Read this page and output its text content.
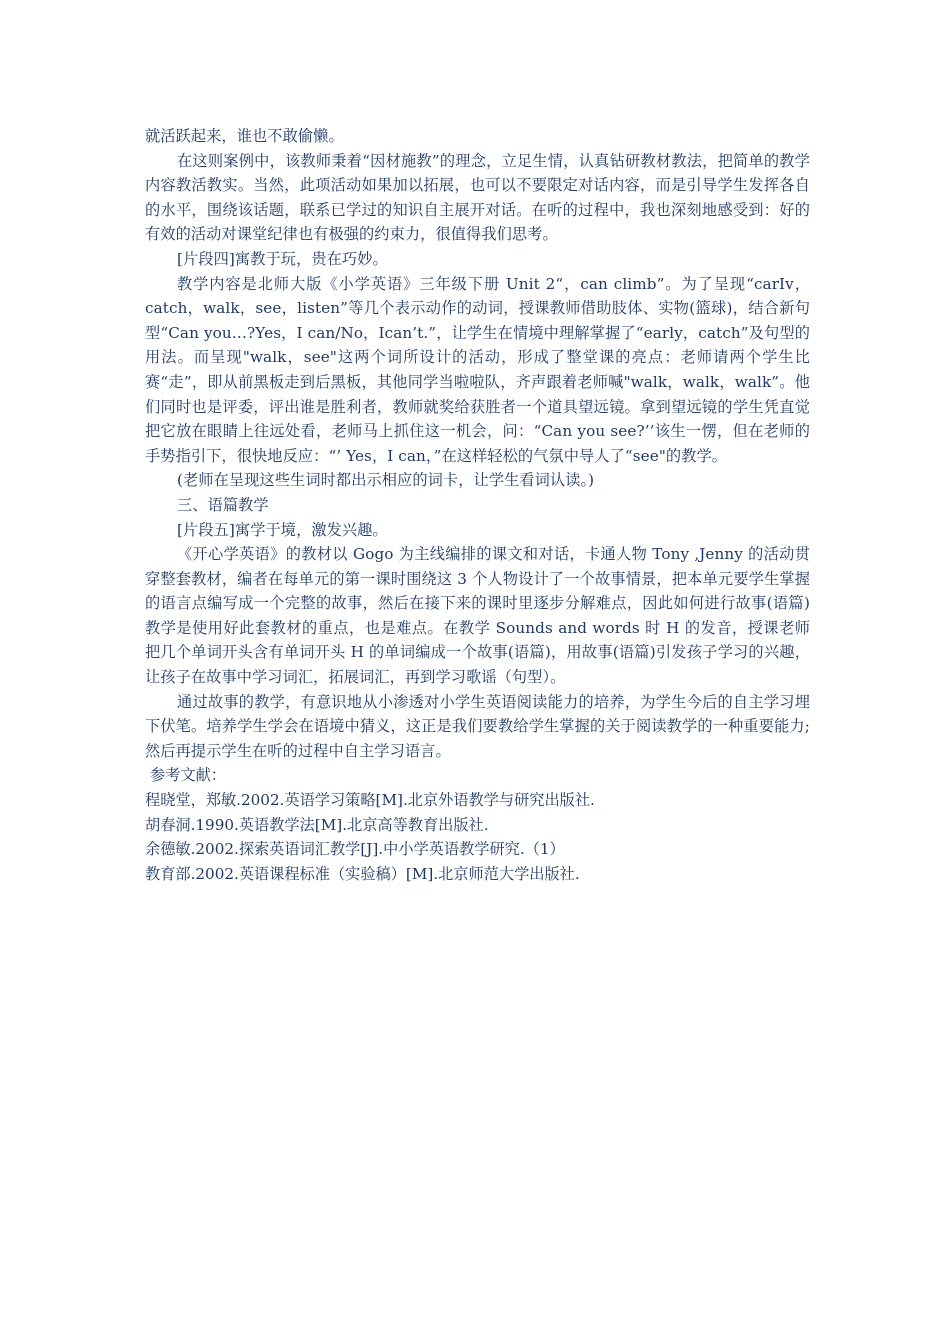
就活跃起来，谁也不敢偷懒。

在这则案例中，该教师秉着“因材施教”的理念，立足生情，认真钻研教材教法，把简单的教学内容教活教实。当然，此项活动如果加以拓展，也可以不要限定对话内容，而是引导学生发挥各自的水平，围绕该话题，联系已学过的知识自主展开对话。在听的过程中，我也深刻地感受到：好的有效的活动对课堂纪律也有极强的约束力，很值得我们思考。

[片段四]寓教于玩，贵在巧妙。

教学内容是北师大版《小学英语》三年级下册 Unit 2“，can climb”。为了呈现“carIv，catch，walk，see，listen”等几个表示动作的动词，授课教师借助肢体、实物(篮球)，结合新句型“Can you…?Yes，I can/No，Ican’t.”，让学生在情境中理解掌握了“early，catch”及句型的用法。而呈现"walk，see"这两个词所设计的活动，形成了整堂课的亮点：老师请两个学生比赛“走”，即从前黑板走到后黑板，其他同学当啦啦队，齐声跟着老师喊"walk，walk，walk”。他们同时也是评委，评出谁是胜利者，教师就奖给获胜者一个道具望远镜。拿到望远镜的学生凭直觉把它放在眼睛上往远处看，老师马上抓住这一机会，问：“Can you see?’’该生一愣，但在老师的手势指引下，很快地反应：“’ Yes，I can，”在这样轻松的气氛中导人了“see"的教学。

(老师在呈现这些生词时都出示相应的词卡，让学生看词认读。)

三、语篇教学

[片段五]寓学于境，激发兴趣。

《开心学英语》的教材以 Gogo 为主线编排的课文和对话，卡通人物 Tony ,Jenny 的活动贯穿整套教材，编者在每单元的第一课时围绕这 3 个人物设计了一个故事情景，把本单元要学生掌握的语言点编写成一个完整的故事，然后在接下来的课时里逐步分解难点，因此如何进行故事(语篇)教学是使用好此套教材的重点，也是难点。在教学 Sounds and words 时 H 的发音，授课老师把几个单词开头含有单词开头 H 的单词编成一个故事(语篇)，用故事(语篇)引发孩子学习的兴趣，让孩子在故事中学习词汇，拓展词汇，再到学习歌谣（句型）。

通过故事的教学，有意识地从小渗透对小学生英语阅读能力的培养，为学生今后的自主学习埋下伏笔。培养学生学会在语境中猜义，这正是我们要教给学生掌握的关于阅读教学的一种重要能力;然后再提示学生在听的过程中自主学习语言。

参考文献：

程晓堂，郑敏.2002.英语学习策略[M].北京外语教学与研究出版社.

胡春洞.1990.英语教学法[M].北京高等教育出版社.

余德敏.2002.探索英语词汇教学[J].中小学英语教学研究.（1）

教育部.2002.英语课程标准（实验稿）[M].北京师范大学出版社.
